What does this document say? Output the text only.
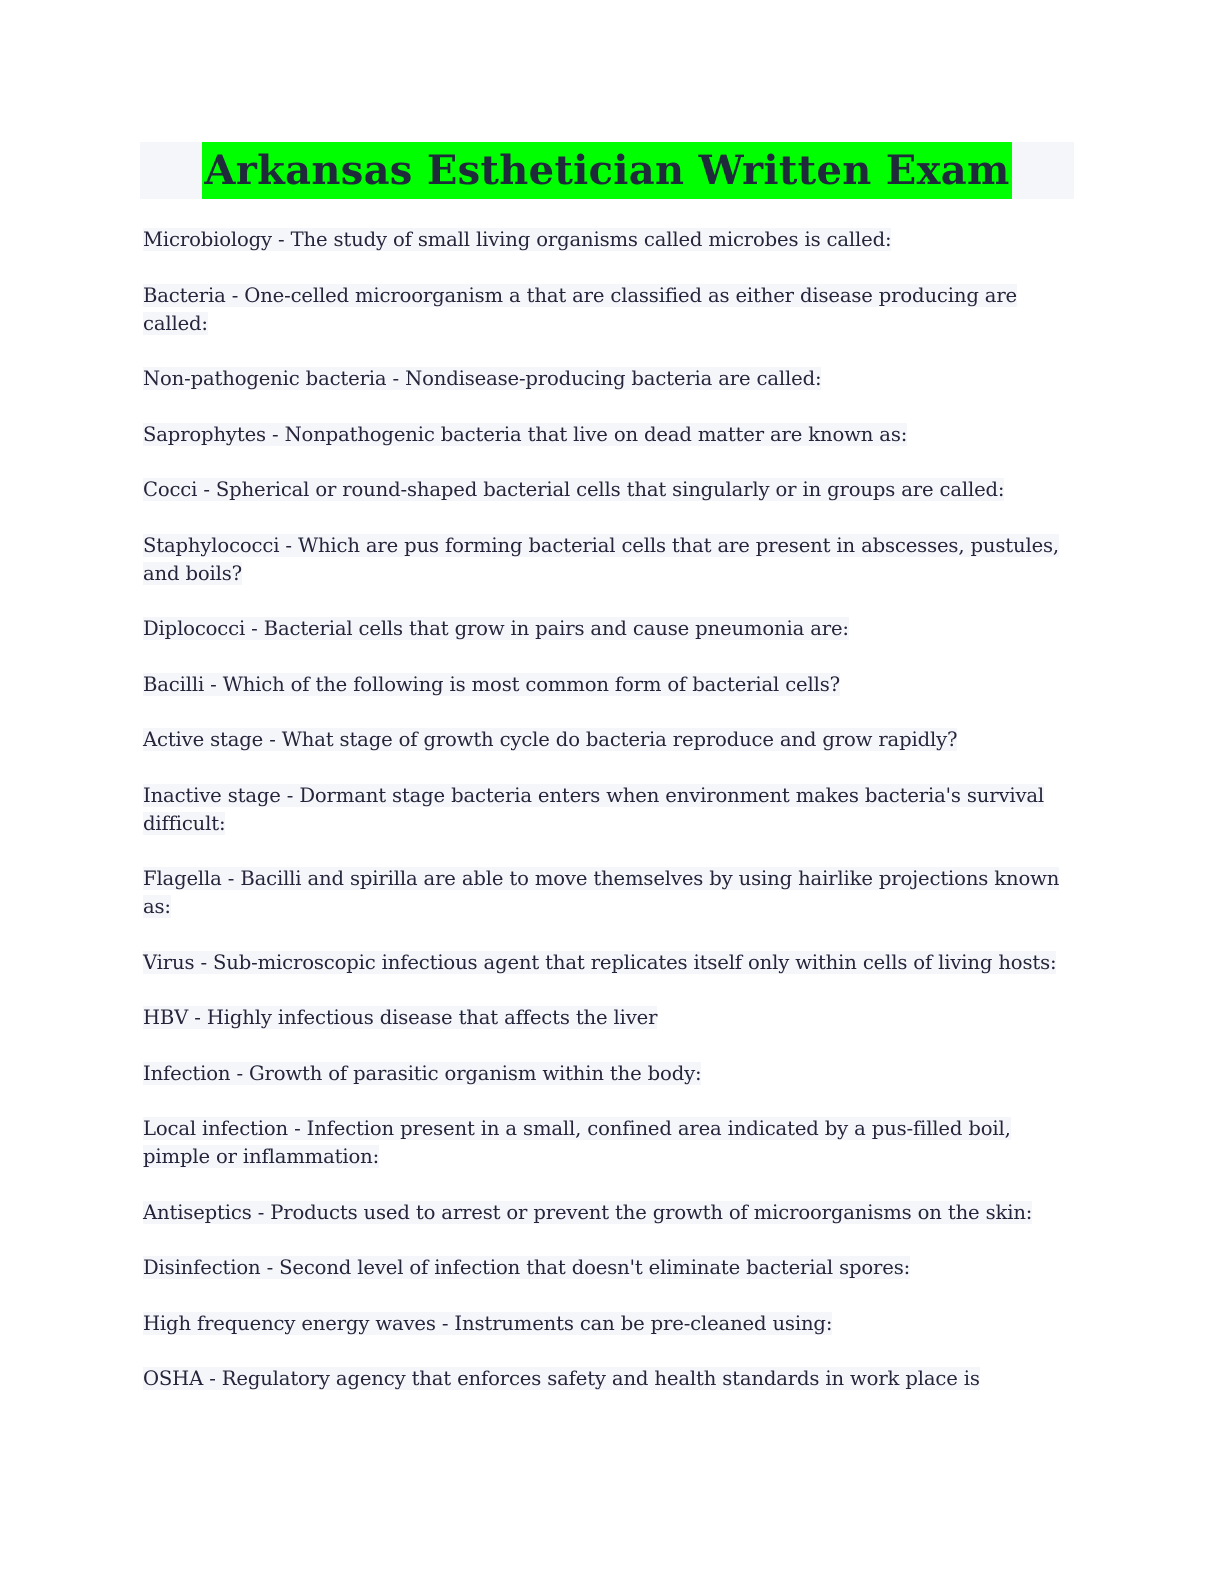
Arkansas Esthetician Written Exam
Microbiology - The study of small living organisms called microbes is called:
Bacteria - One-celled microorganism a that are classified as either disease producing are called:
Non-pathogenic bacteria - Nondisease-producing bacteria are called:
Saprophytes - Nonpathogenic bacteria that live on dead matter are known as:
Cocci - Spherical or round-shaped bacterial cells that singularly or in groups are called:
Staphylococci - Which are pus forming bacterial cells that are present in abscesses, pustules, and boils?
Diplococci - Bacterial cells that grow in pairs and cause pneumonia are:
Bacilli - Which of the following is most common form of bacterial cells?
Active stage - What stage of growth cycle do bacteria reproduce and grow rapidly?
Inactive stage - Dormant stage bacteria enters when environment makes bacteria's survival difficult:
Flagella - Bacilli and spirilla are able to move themselves by using hairlike projections known as:
Virus - Sub-microscopic infectious agent that replicates itself only within cells of living hosts:
HBV - Highly infectious disease that affects the liver
Infection - Growth of parasitic organism within the body:
Local infection - Infection present in a small, confined area indicated by a pus-filled boil, pimple or inflammation:
Antiseptics - Products used to arrest or prevent the growth of microorganisms on the skin:
Disinfection - Second level of infection that doesn't eliminate bacterial spores:
High frequency energy waves - Instruments can be pre-cleaned using:
OSHA - Regulatory agency that enforces safety and health standards in work place is
